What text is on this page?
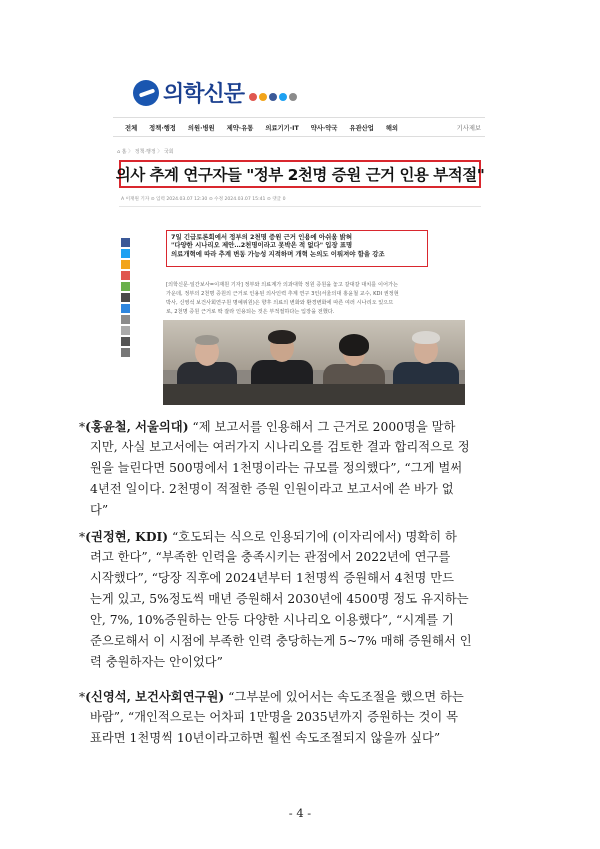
의학신문
전체 정책·행정 의원·병원 제약·유통 의료기기·IT 약사·약국 유관산업 해외	기사제보
⌂ 홈 〉 정책·행정 〉 국회
의사 추계 연구자들 "정부 2천명 증원 근거 인용 부적절"
A 이재원 기자 ⊙ 입력 2024.03.07 12:30 ⊙ 수정 2024.03.07 15:41 ⊙ 댓글 0
7일 긴급토론회에서 정부의 2천명 증원 근거 인용에 아쉬움 밝혀
"다양한 시나리오 제안…2천명이라고 못박은 적 없다" 입장 표명
의료개혁에 따라 추계 변동 가능성 지적하며 개혁 논의도 이뤄져야 함을 강조
[의학신문·일간보사=이재원 기자] 정부와 의료계가 의과대학 정원 증원을 놓고 갈대갈 대치를 이어가는
가운데, 정부의 2천명 증원의 근거로 인용된 의사인력 추계 연구 3인(서울의대 홍윤철 교수, KDI 권정현
박사, 신영석 보건사회연구원 명예위원)은 향후 의료의 변화와 환경변화에 따른 여러 시나리오 있으므
로, 2천명 증원 근거로 딱 잘라 인용되는 것은 부적절하다는 입장을 전했다.
*(홍윤철, 서울의대) “제 보고서를 인용해서 그 근거로 2000명을 말하
지만, 사실 보고서에는 여러가지 시나리오를 검토한 결과 합리적으로 정
원을 늘린다면 500명에서 1천명이라는 규모를 정의했다”, “그게 벌써
4년전 일이다. 2천명이 적절한 증원 인원이라고 보고서에 쓴 바가 없
다”
*(권정현, KDI) “호도되는 식으로 인용되기에 (이자리에서) 명확히 하
려고 한다”, “부족한 인력을 충족시키는 관점에서 2022년에 연구를
시작했다”, “당장 직후에 2024년부터 1천명씩 증원해서 4천명 만드
는게 있고, 5%정도씩 매년 증원해서 2030년에 4500명 정도 유지하는
안, 7%, 10%증원하는 안등 다양한 시나리오 이용했다”, “시계를 기
준으로해서 이 시점에 부족한 인력 충당하는게 5~7% 매해 증원해서 인
력 충원하자는 안이었다”
*(신영석, 보건사회연구원) “그부분에 있어서는 속도조절을 했으면 하는
바람”, “개인적으로는 어차피 1만명을 2035년까지 증원하는 것이 목
표라면 1천명씩 10년이라고하면 훨씬 속도조절되지 않을까 싶다”
- 4 -
